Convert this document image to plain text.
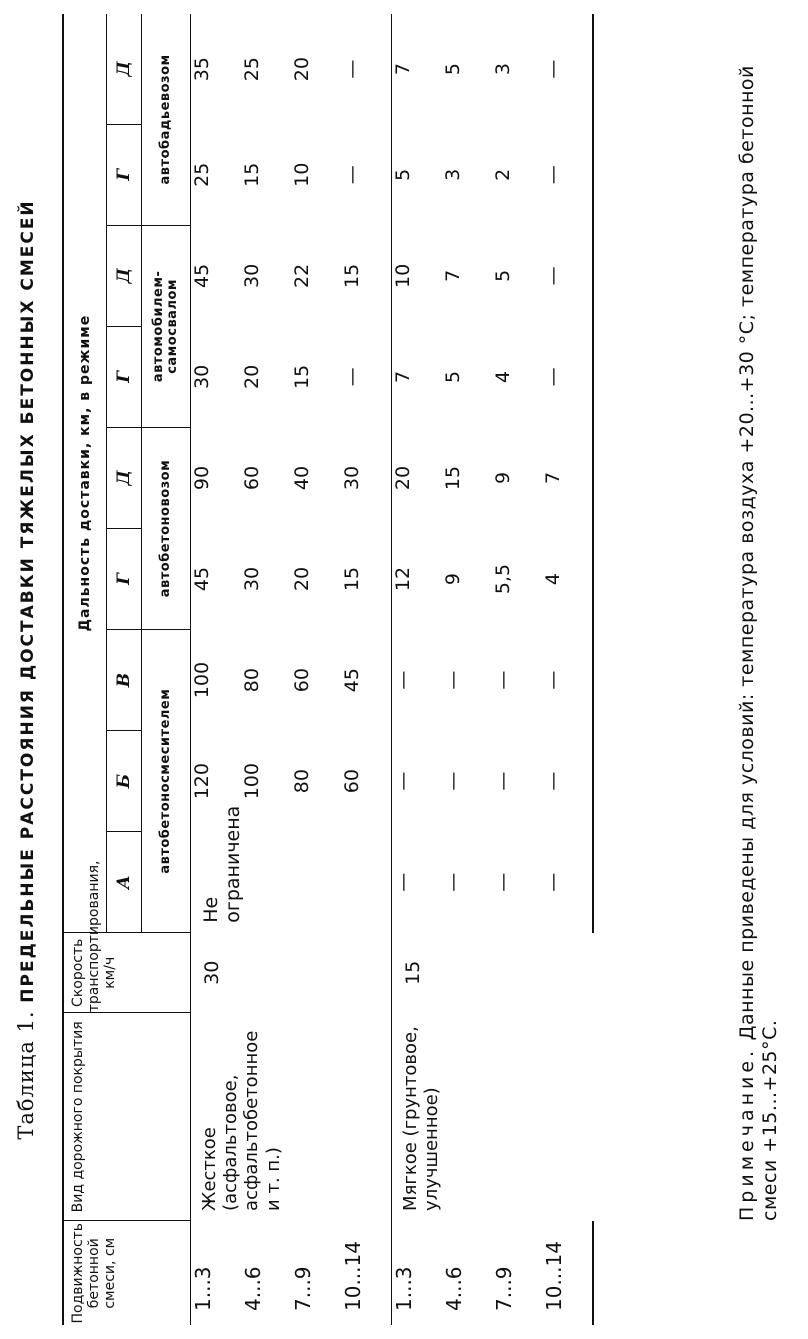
Таблица 1. ПРЕДЕЛЬНЫЕ РАССТОЯНИЯ ДОСТАВКИ ТЯЖЕЛЫХ БЕТОННЫХ СМЕСЕЙ
Подвижность бетонной смеси, см	Вид дорожного покрытия	Скорость транспортирования, км/ч	Дальность доставки, км, в режиме								
			А	Б	В	Г	Д	Г	Д	Г	Д
			автобетоносмесителем			автобетоновозом		автомобилем-самосвалом		автобадьевозом	
1...3	Жесткое (асфальтовое, асфальтобетонное и т. п.)	30	Не ограничена	120	100	45	90	30	45	25	35
4...6				100	80	30	60	20	30	15	25
7...9				80	60	20	40	15	22	10	20
10...14				60	45	15	30	—	15	—	—
1...3	Мягкое (грунтовое, улучшенное)	15	—	—	—	12	20	7	10	5	7
4...6			—	—	—	9	15	5	7	3	5
7...9			—	—	—	5,5	9	4	5	2	3
10...14			—	—	—	4	7	—	—	—	—
Примечание. Данные приведены для условий: температура воздуха +20...+30 °С; температура бетонной смеси +15...+25°С.
